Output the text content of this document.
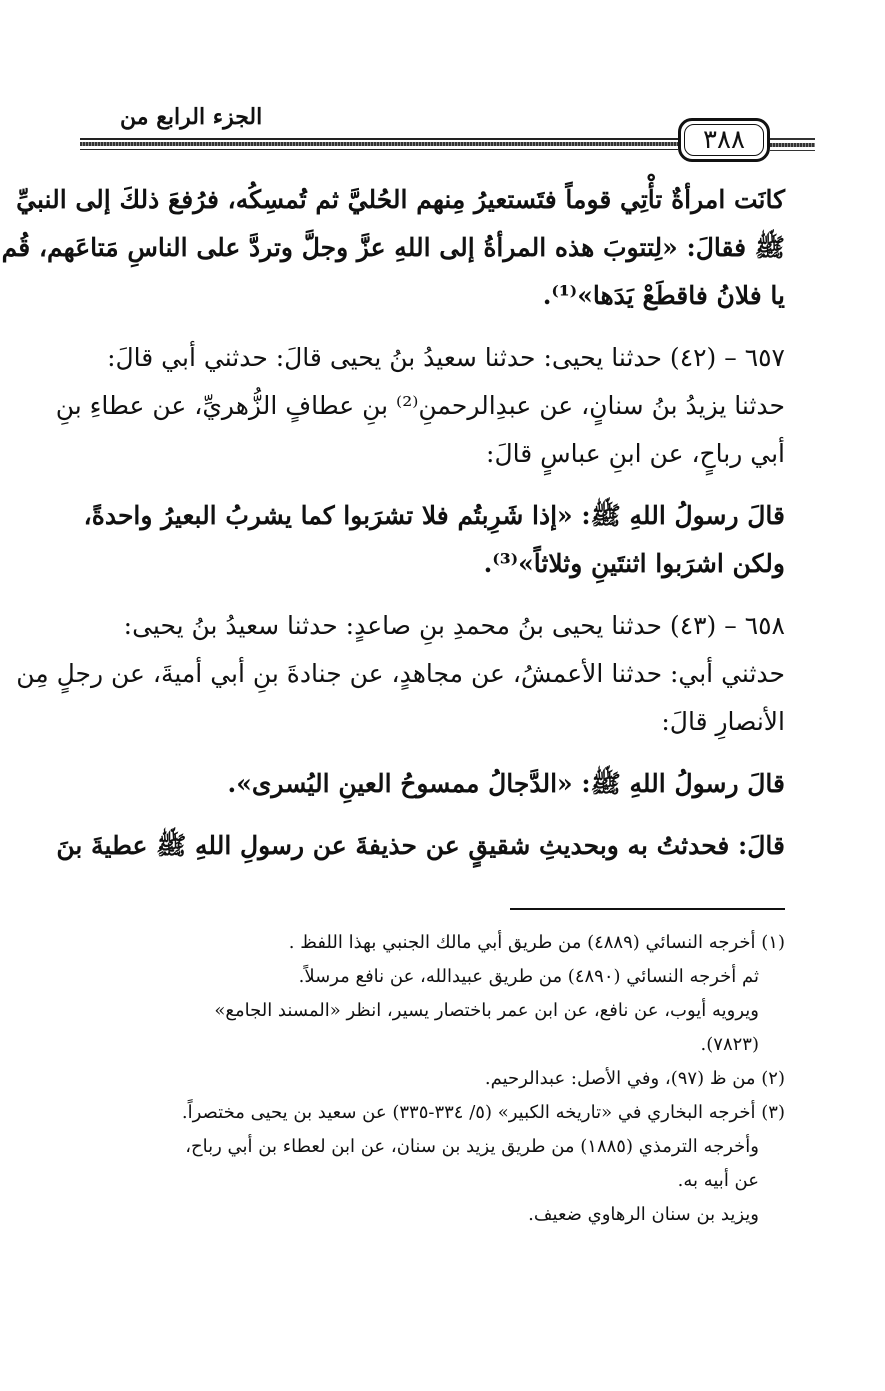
الجزء الرابع من
٣٨٨
كانَت امرأةٌ تأْتِي قوماً فتَستعيرُ مِنهم الحُليَّ ثم تُمسِكُه، فرُفعَ ذلكَ إلى النبيِّ
ﷺ فقالَ: «لِتتوبَ هذه المرأةُ إلى اللهِ عزَّ وجلَّ وتردَّ على الناسِ مَتاعَهم، قُم
يا فلانُ فاقطَعْ يَدَها»⁽¹⁾.
٦٥٧ – (٤٢) حدثنا يحيى: حدثنا سعيدُ بنُ يحيى قالَ: حدثني أبي قالَ:
حدثنا يزيدُ بنُ سنانٍ، عن عبدِالرحمنِ⁽²⁾ بنِ عطافٍ الزُّهريِّ، عن عطاءِ بنِ
أبي رباحٍ، عن ابنِ عباسٍ قالَ:
قالَ رسولُ اللهِ ﷺ: «إذا شَرِبتُم فلا تشرَبوا كما يشربُ البعيرُ واحدةً،
ولكن اشرَبوا اثنتَينِ وثلاثاً»⁽³⁾.
٦٥٨ – (٤٣) حدثنا يحيى بنُ محمدِ بنِ صاعدٍ: حدثنا سعيدُ بنُ يحيى:
حدثني أبي: حدثنا الأعمشُ، عن مجاهدٍ، عن جنادةَ بنِ أبي أميةَ، عن رجلٍ مِن
الأنصارِ قالَ:
قالَ رسولُ اللهِ ﷺ: «الدَّجالُ ممسوحُ العينِ اليُسرى».
قالَ: فحدثتُ به وبحديثِ شقيقٍ عن حذيفةَ عن رسولِ اللهِ ﷺ عطيةَ بنَ
(١) أخرجه النسائي (٤٨٨٩) من طريق أبي مالك الجنبي بهذا اللفظ .
ثم أخرجه النسائي (٤٨٩٠) من طريق عبيدالله، عن نافع مرسلاً.
ويرويه أيوب، عن نافع، عن ابن عمر باختصار يسير، انظر «المسند الجامع»
(٧٨٢٣).
(٢) من ظ (٩٧)، وفي الأصل: عبدالرحيم.
(٣) أخرجه البخاري في «تاريخه الكبير» (٥/ ٣٣٤-٣٣٥) عن سعيد بن يحيى مختصراً.
وأخرجه الترمذي (١٨٨٥) من طريق يزيد بن سنان، عن ابن لعطاء بن أبي رباح،
عن أبيه به.
ويزيد بن سنان الرهاوي ضعيف.
